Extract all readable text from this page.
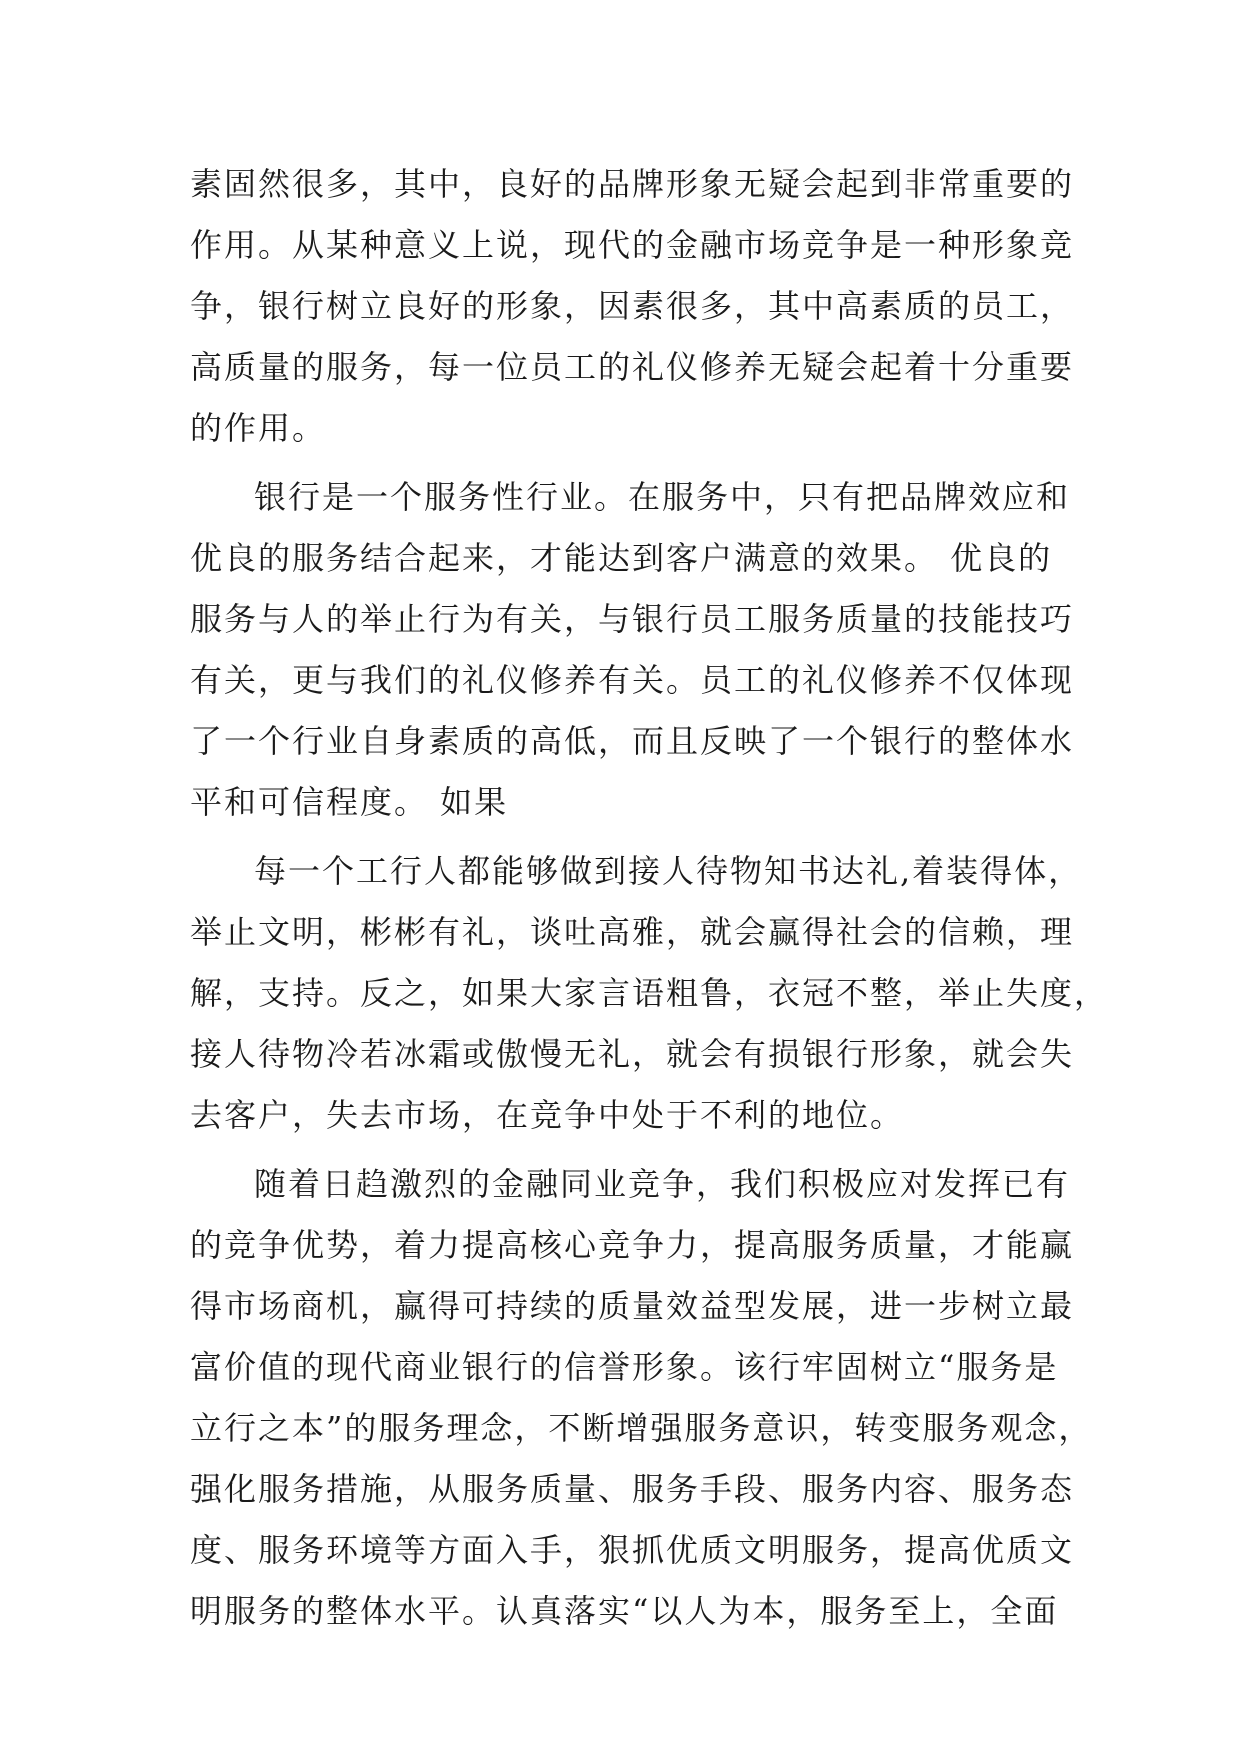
素固然很多，其中，良好的品牌形象无疑会起到非常重要的
作用。从某种意义上说，现代的金融市场竞争是一种形象竞
争，银行树立良好的形象，因素很多，其中高素质的员工，
高质量的服务，每一位员工的礼仪修养无疑会起着十分重要
的作用。
银行是一个服务性行业。在服务中，只有把品牌效应和
优良的服务结合起来，才能达到客户满意的效果。 优良的
服务与人的举止行为有关，与银行员工服务质量的技能技巧
有关，更与我们的礼仪修养有关。员工的礼仪修养不仅体现
了一个行业自身素质的高低，而且反映了一个银行的整体水
平和可信程度。 如果
每一个工行人都能够做到接人待物知书达礼,着装得体，
举止文明，彬彬有礼，谈吐高雅，就会赢得社会的信赖，理
解，支持。反之，如果大家言语粗鲁，衣冠不整，举止失度，
接人待物冷若冰霜或傲慢无礼，就会有损银行形象，就会失
去客户，失去市场，在竞争中处于不利的地位。
随着日趋激烈的金融同业竞争，我们积极应对发挥已有
的竞争优势，着力提高核心竞争力，提高服务质量，才能赢
得市场商机，赢得可持续的质量效益型发展，进一步树立最
富价值的现代商业银行的信誉形象。该行牢固树立“服务是
立行之本”的服务理念，不断增强服务意识，转变服务观念，
强化服务措施，从服务质量、服务手段、服务内容、服务态
度、服务环境等方面入手，狠抓优质文明服务，提高优质文
明服务的整体水平。认真落实“以人为本，服务至上，全面
